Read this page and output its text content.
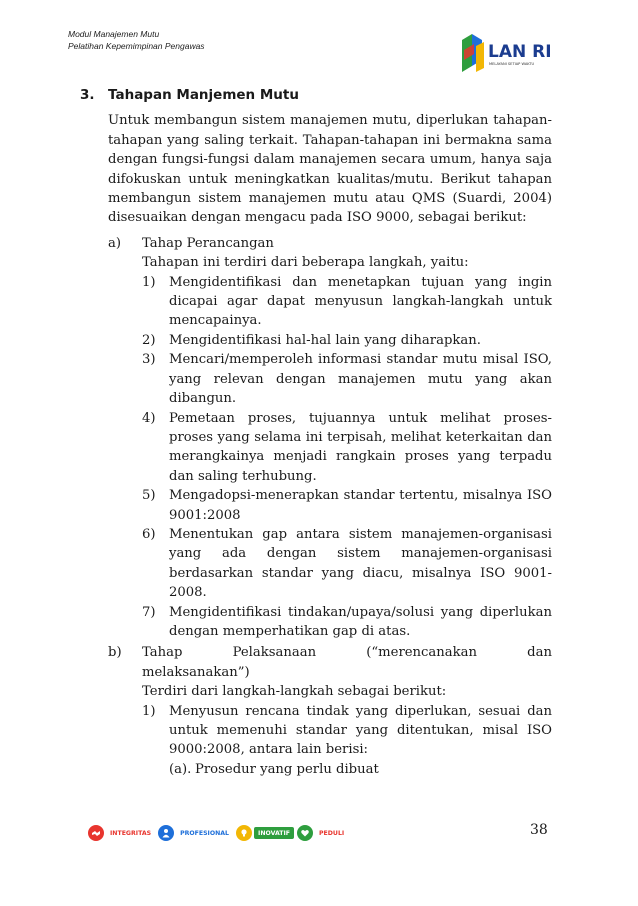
Modul Manajemen Mutu
Pelatihan Kepemimpinan Pengawas	LAN RI
MELAYANI SETIAP WAKTU
3. Tahapan Manjemen Mutu
Untuk membangun sistem manajemen mutu, diperlukan tahapan-tahapan yang saling terkait. Tahapan-tahapan ini bermakna sama dengan fungsi-fungsi dalam manajemen secara umum, hanya saja difokuskan untuk meningkatkan kualitas/mutu. Berikut tahapan membangun sistem manajemen mutu atau QMS (Suardi, 2004) disesuaikan dengan mengacu pada ISO 9000, sebagai berikut:
a)	Tahap Perancangan
Tahapan ini terdiri dari beberapa langkah, yaitu:
1)	Mengidentifikasi dan menetapkan tujuan yang ingin dicapai agar dapat menyusun langkah-langkah untuk mencapainya.
2)	Mengidentifikasi hal-hal lain yang diharapkan.
3)	Mencari/memperoleh informasi standar mutu misal ISO, yang relevan dengan manajemen mutu yang akan dibangun.
4)	Pemetaan proses, tujuannya untuk melihat proses-proses yang selama ini terpisah, melihat keterkaitan dan merangkainya menjadi rangkain proses yang terpadu dan saling terhubung.
5)	Mengadopsi-menerapkan standar tertentu, misalnya ISO 9001:2008
6)	Menentukan gap antara sistem manajemen-organisasi yang ada dengan sistem manajemen-organisasi berdasarkan standar yang diacu, misalnya ISO 9001-2008.
7)	Mengidentifikasi tindakan/upaya/solusi yang diperlukan dengan memperhatikan gap di atas.
b)	Tahap	Pelaksanaan	(“merencanakan	dan
melaksanakan”)
Terdiri dari langkah-langkah sebagai berikut:
1)	Menyusun rencana tindak yang diperlukan, sesuai dan untuk memenuhi standar yang ditentukan, misal ISO 9000:2008, antara lain berisi:
(a). Prosedur yang perlu dibuat
INTEGRITAS	PROFESIONAL	INOVATIF	PEDULI	38
